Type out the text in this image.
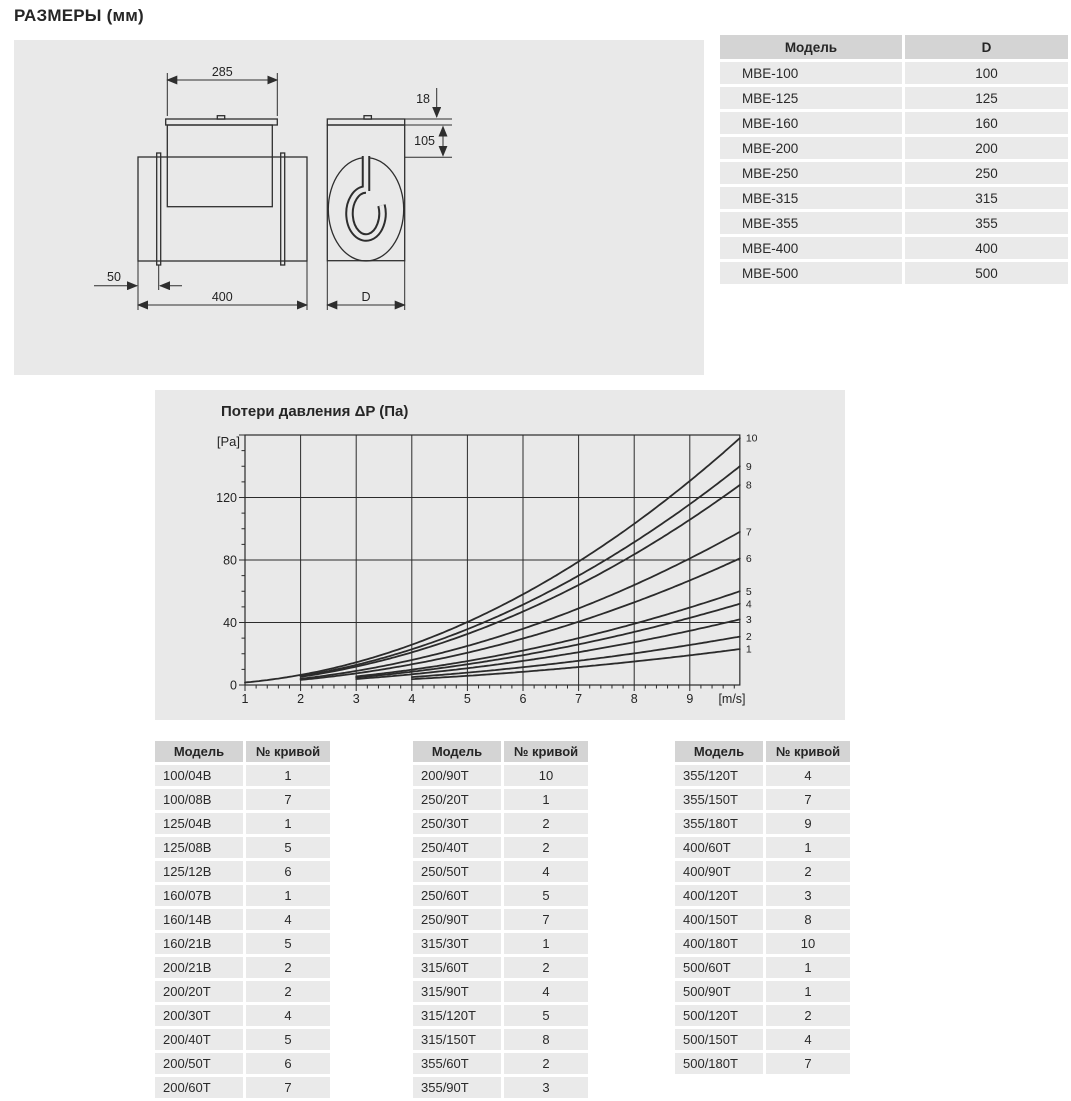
РАЗМЕРЫ (мм)
285
400
50
18
105
D
Модель	D
МВЕ-100	100
МВЕ-125	125
МВЕ-160	160
МВЕ-200	200
МВЕ-250	250
МВЕ-315	315
МВЕ-355	355
МВЕ-400	400
МВЕ-500	500
Потери давления ΔP (Па)
1	2	3	4	5	6	7	8	9
0
40
80
120
[m/s]
[Pa]
1
2
3
4
5
6
7
8
9
10
Модель	№ кривой
100/04B	1
100/08B	7
125/04B	1
125/08B	5
125/12B	6
160/07B	1
160/14B	4
160/21B	5
200/21B	2
200/20T	2
200/30T	4
200/40T	5
200/50T	6
200/60T	7
Модель	№ кривой
200/90T	10
250/20T	1
250/30T	2
250/40T	2
250/50T	4
250/60T	5
250/90T	7
315/30T	1
315/60T	2
315/90T	4
315/120T	5
315/150T	8
355/60T	2
355/90T	3
Модель	№ кривой
355/120T	4
355/150T	7
355/180T	9
400/60T	1
400/90T	2
400/120T	3
400/150T	8
400/180T	10
500/60T	1
500/90T	1
500/120T	2
500/150T	4
500/180T	7
